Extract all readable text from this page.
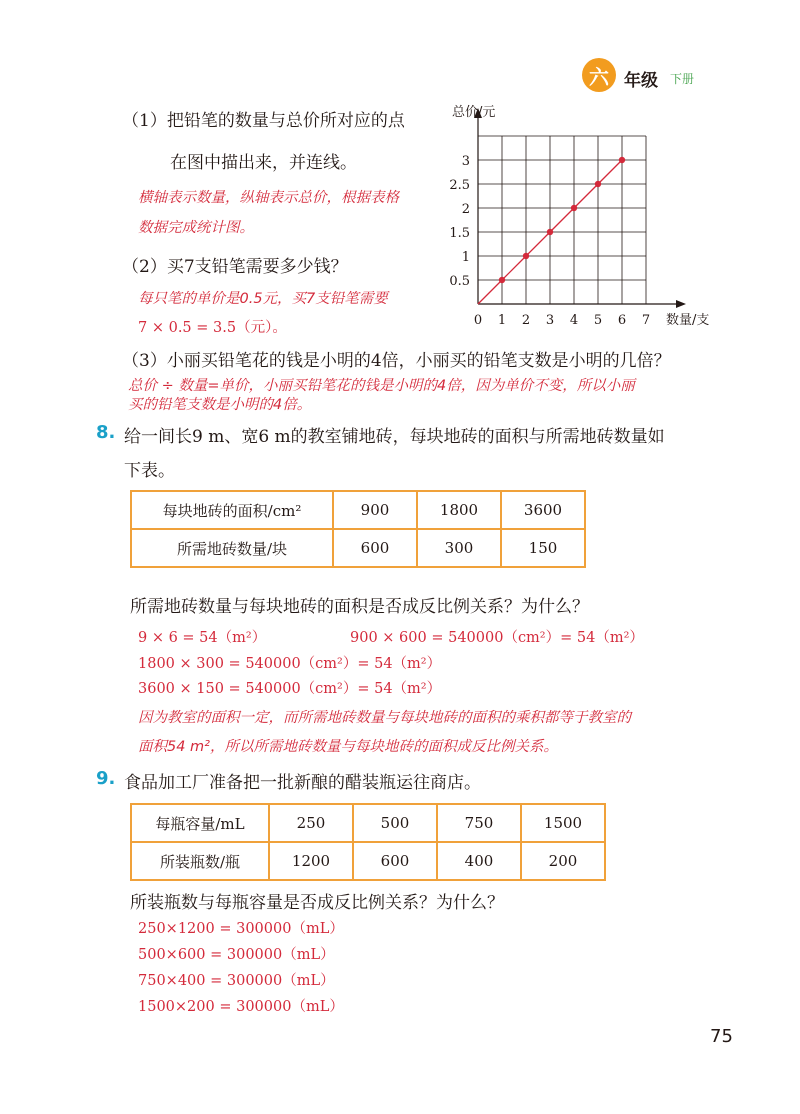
六 年级 下册
（1）把铅笔的数量与总价所对应的点
在图中描出来，并连线。
横轴表示数量，纵轴表示总价，根据表格
数据完成统计图。
（2）买7支铅笔需要多少钱？
每只笔的单价是0.5元，买7支铅笔需要
7 × 0.5 = 3.5（元）。
（3）小丽买铅笔花的钱是小明的4倍，小丽买的铅笔支数是小明的几倍？
总价 ÷ 数量=单价，小丽买铅笔花的钱是小明的4倍，因为单价不变，所以小丽
买的铅笔支数是小明的4倍。
0 1 2 3 4 5 6 7
0.5
1
1.5
2
2.5
3
总价/元
数量/支
8. 给一间长9 m、宽6 m的教室铺地砖，每块地砖的面积与所需地砖数量如
下表。
每块地砖的面积/cm²	900	1800	3600
所需地砖数量/块	600	300	150
所需地砖数量与每块地砖的面积是否成反比例关系？为什么？
9 × 6 = 54（m²）	900 × 600 = 540000（cm²）= 54（m²）
1800 × 300 = 540000（cm²）= 54（m²）
3600 × 150 = 540000（cm²）= 54（m²）
因为教室的面积一定，而所需地砖数量与每块地砖的面积的乘积都等于教室的
面积54 m²，所以所需地砖数量与每块地砖的面积成反比例关系。
9. 食品加工厂准备把一批新酿的醋装瓶运往商店。
每瓶容量/mL	250	500	750	1500
所装瓶数/瓶	1200	600	400	200
所装瓶数与每瓶容量是否成反比例关系？为什么？
250×1200 = 300000（mL）
500×600 = 300000（mL）
750×400 = 300000（mL）
1500×200 = 300000（mL）
75
